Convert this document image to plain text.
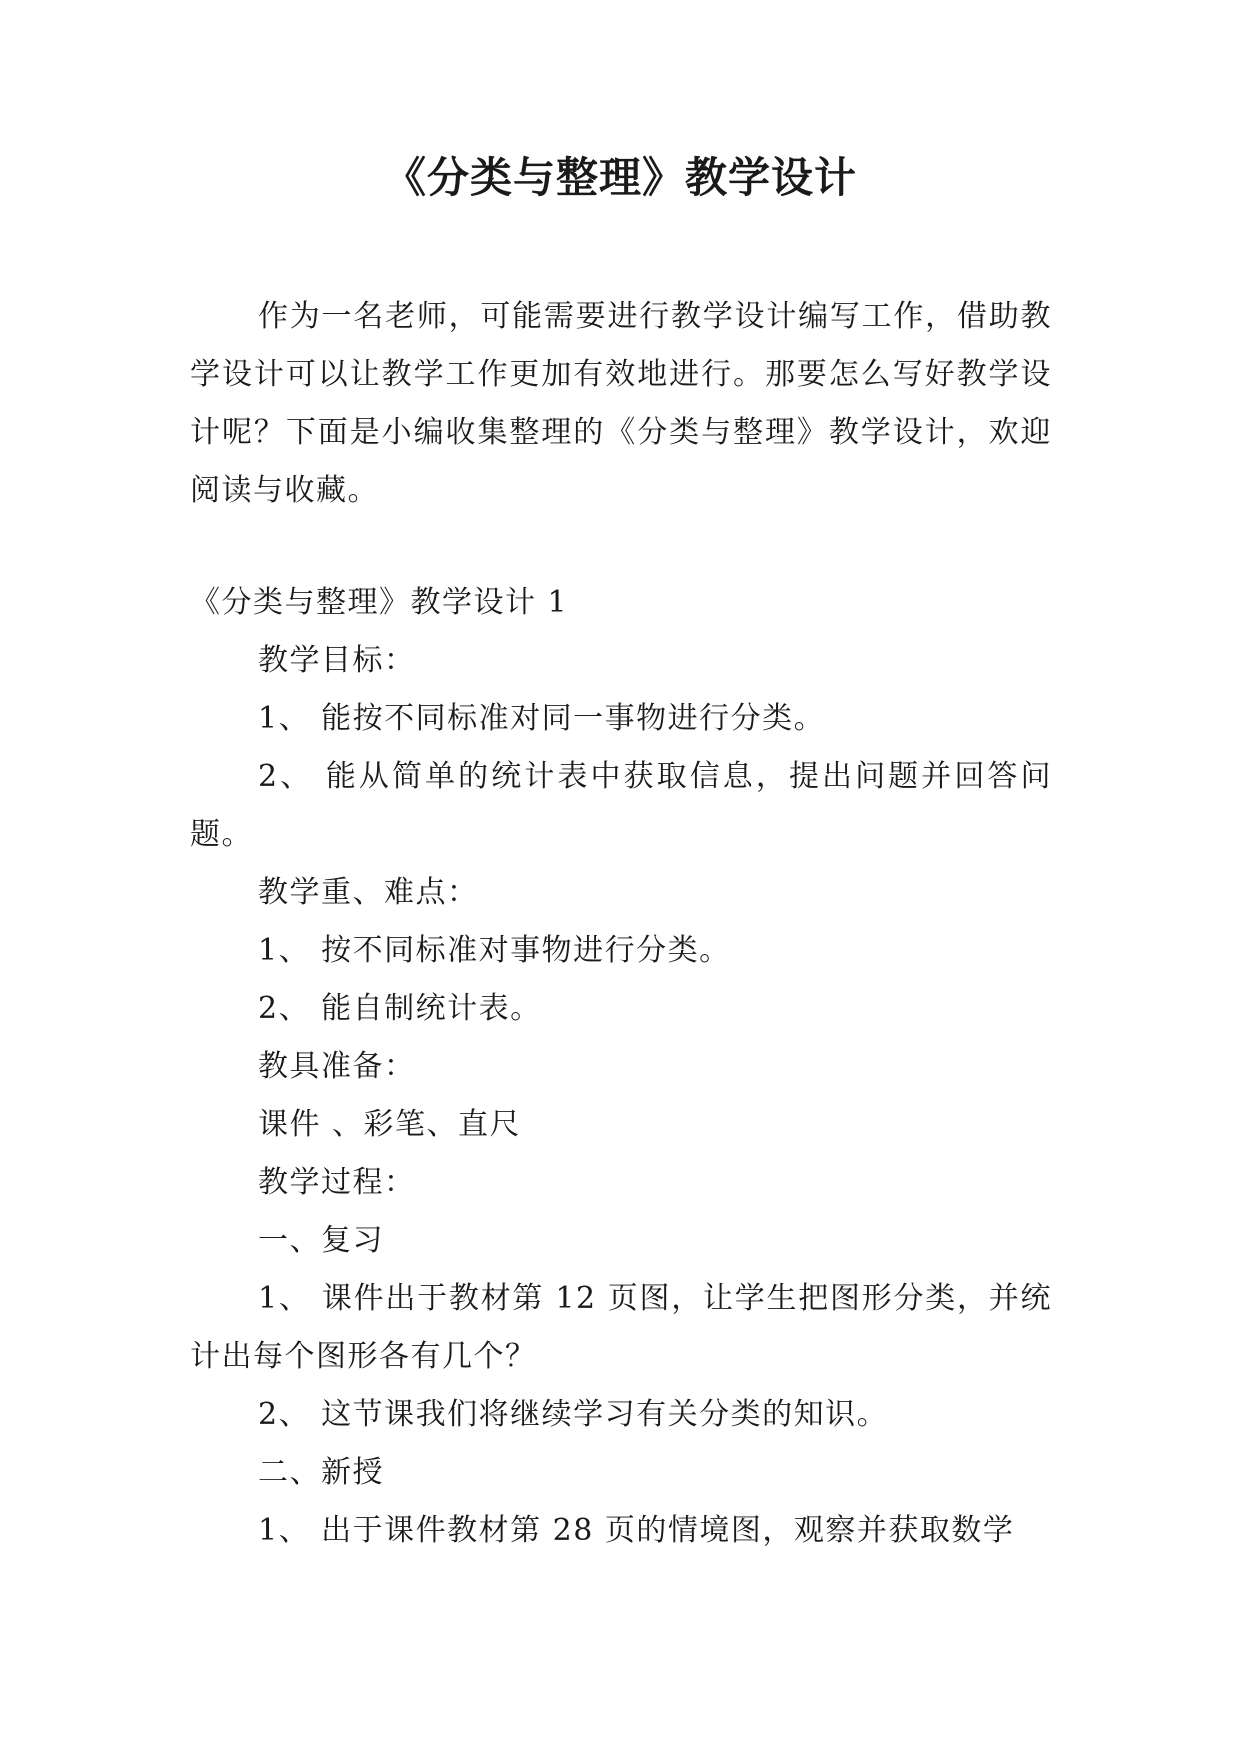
《分类与整理》教学设计

作为一名老师，可能需要进行教学设计编写工作，借助教学设计可以让教学工作更加有效地进行。那要怎么写好教学设计呢？下面是小编收集整理的《分类与整理》教学设计，欢迎阅读与收藏。

《分类与整理》教学设计 1

教学目标：

1、 能按不同标准对同一事物进行分类。

2、 能从简单的统计表中获取信息，提出问题并回答问题。

教学重、难点：

1、 按不同标准对事物进行分类。

2、 能自制统计表。

教具准备：

课件 、彩笔、直尺

教学过程：

一、复习

1、 课件出于教材第 12 页图，让学生把图形分类，并统计出每个图形各有几个？

2、 这节课我们将继续学习有关分类的知识。

二、新授

1、 出于课件教材第 28 页的情境图，观察并获取数学
